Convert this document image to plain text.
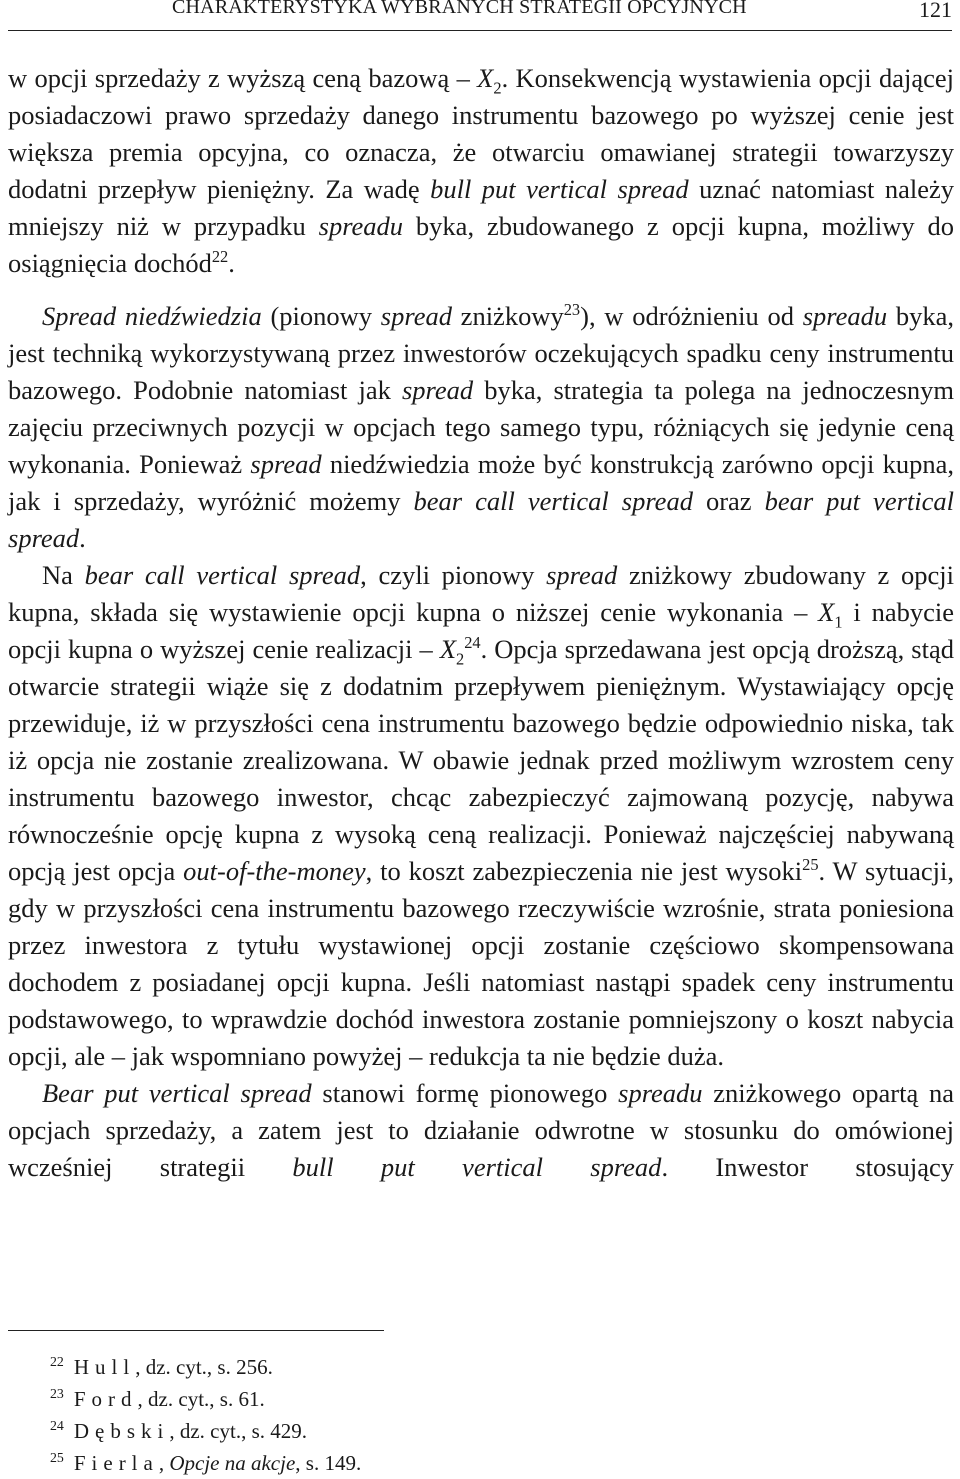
CHARAKTERYSTYKA WYBRANYCH STRATEGII OPCYJNYCH	121

w opcji sprzedaży z wyższą ceną bazową – $X_2$. Konsekwencją wystawienia opcji dającej posiadaczowi prawo sprzedaży danego instrumentu bazowego po wyższej cenie jest większa premia opcyjna, co oznacza, że otwarciu omawianej strategii towarzyszy dodatni przepływ pieniężny. Za wadę bull put vertical spread uznać natomiast należy mniejszy niż w przypadku spreadu byka, zbudowanego z opcji kupna, możliwy do osiągnięcia dochód$^{22}$.

Spread niedźwiedzia (pionowy spread zniżkowy$^{23}$), w odróżnieniu od spreadu byka, jest techniką wykorzystywaną przez inwestorów oczekujących spadku ceny instrumentu bazowego. Podobnie natomiast jak spread byka, strategia ta polega na jednoczesnym zajęciu przeciwnych pozycji w opcjach tego samego typu, różniących się jedynie ceną wykonania. Ponieważ spread niedźwiedzia może być konstrukcją zarówno opcji kupna, jak i sprzedaży, wyróżnić możemy bear call vertical spread oraz bear put vertical spread.

Na bear call vertical spread, czyli pionowy spread zniżkowy zbudowany z opcji kupna, składa się wystawienie opcji kupna o niższej cenie wykonania – $X_1$ i nabycie opcji kupna o wyższej cenie realizacji – $X_2^{24}$. Opcja sprzedawana jest opcją droższą, stąd otwarcie strategii wiąże się z dodatnim przepływem pieniężnym. Wystawiający opcję przewiduje, iż w przyszłości cena instrumentu bazowego będzie odpowiednio niska, tak iż opcja nie zostanie zrealizowana. W obawie jednak przed możliwym wzrostem ceny instrumentu bazowego inwestor, chcąc zabezpieczyć zajmowaną pozycję, nabywa równocześnie opcję kupna z wysoką ceną realizacji. Ponieważ najczęściej nabywaną opcją jest opcja out-of-the-money, to koszt zabezpieczenia nie jest wysoki$^{25}$. W sytuacji, gdy w przyszłości cena instrumentu bazowego rzeczywiście wzrośnie, strata poniesiona przez inwestora z tytułu wystawionej opcji zostanie częściowo skompensowana dochodem z posiadanej opcji kupna. Jeśli natomiast nastąpi spadek ceny instrumentu podstawowego, to wprawdzie dochód inwestora zostanie pomniejszony o koszt nabycia opcji, ale – jak wspomniano powyżej – redukcja ta nie będzie duża.

Bear put vertical spread stanowi formę pionowego spreadu zniżkowego opartą na opcjach sprzedaży, a zatem jest to działanie odwrotne w stosunku do omówionej wcześniej strategii bull put vertical spread. Inwestor stosujący

$^{22}$ Hull, dz. cyt., s. 256.

$^{23}$ Ford, dz. cyt., s. 61.

$^{24}$ Dębski, dz. cyt., s. 429.

$^{25}$ Fierla, Opcje na akcje, s. 149.
